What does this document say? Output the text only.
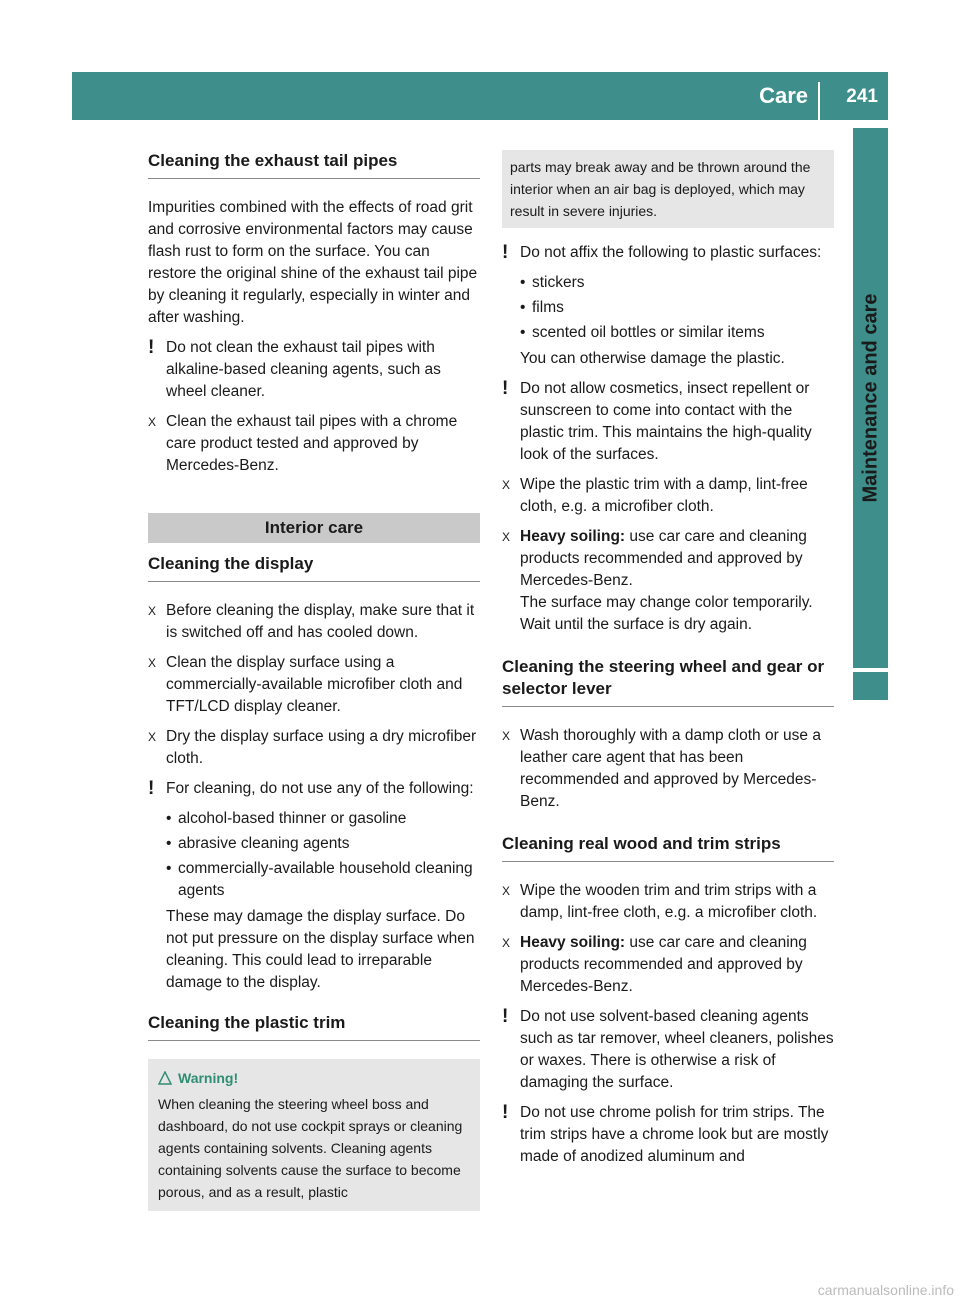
Care	241
Maintenance and care
Cleaning the exhaust tail pipes

Impurities combined with the effects of road grit and corrosive environmental factors may cause flash rust to form on the surface. You can restore the original shine of the exhaust tail pipe by cleaning it regularly, especially in winter and after washing.

! Do not clean the exhaust tail pipes with alkaline-based cleaning agents, such as wheel cleaner.
X Clean the exhaust tail pipes with a chrome care product tested and approved by Mercedes-Benz.
Interior care
Cleaning the display
X Before cleaning the display, make sure that it is switched off and has cooled down.
X Clean the display surface using a commercially-available microfiber cloth and TFT/LCD display cleaner.
X Dry the display surface using a dry microfiber cloth.
! For cleaning, do not use any of the following:
• alcohol-based thinner or gasoline
• abrasive cleaning agents
• commercially-available household cleaning agents

These may damage the display surface. Do not put pressure on the display surface when cleaning. This could lead to irreparable damage to the display.

Cleaning the plastic trim
Warning!
When cleaning the steering wheel boss and dashboard, do not use cockpit sprays or cleaning agents containing solvents. Cleaning agents containing solvents cause the surface to become porous, and as a result, plastic
parts may break away and be thrown around the interior when an air bag is deployed, which may result in severe injuries.
! Do not affix the following to plastic surfaces:
• stickers
• films
• scented oil bottles or similar items

You can otherwise damage the plastic.

! Do not allow cosmetics, insect repellent or sunscreen to come into contact with the plastic trim. This maintains the high-quality look of the surfaces.
X Wipe the plastic trim with a damp, lint-free cloth, e.g. a microfiber cloth.
X Heavy soiling: use car care and cleaning products recommended and approved by Mercedes-Benz.
The surface may change color temporarily. Wait until the surface is dry again.
Cleaning the steering wheel and gear or selector lever
X Wash thoroughly with a damp cloth or use a leather care agent that has been recommended and approved by Mercedes-Benz.
Cleaning real wood and trim strips
X Wipe the wooden trim and trim strips with a damp, lint-free cloth, e.g. a microfiber cloth.
X Heavy soiling: use car care and cleaning products recommended and approved by Mercedes-Benz.
! Do not use solvent-based cleaning agents such as tar remover, wheel cleaners, polishes or waxes. There is otherwise a risk of damaging the surface.
! Do not use chrome polish for trim strips. The trim strips have a chrome look but are mostly made of anodized aluminum and
carmanualsonline.info
